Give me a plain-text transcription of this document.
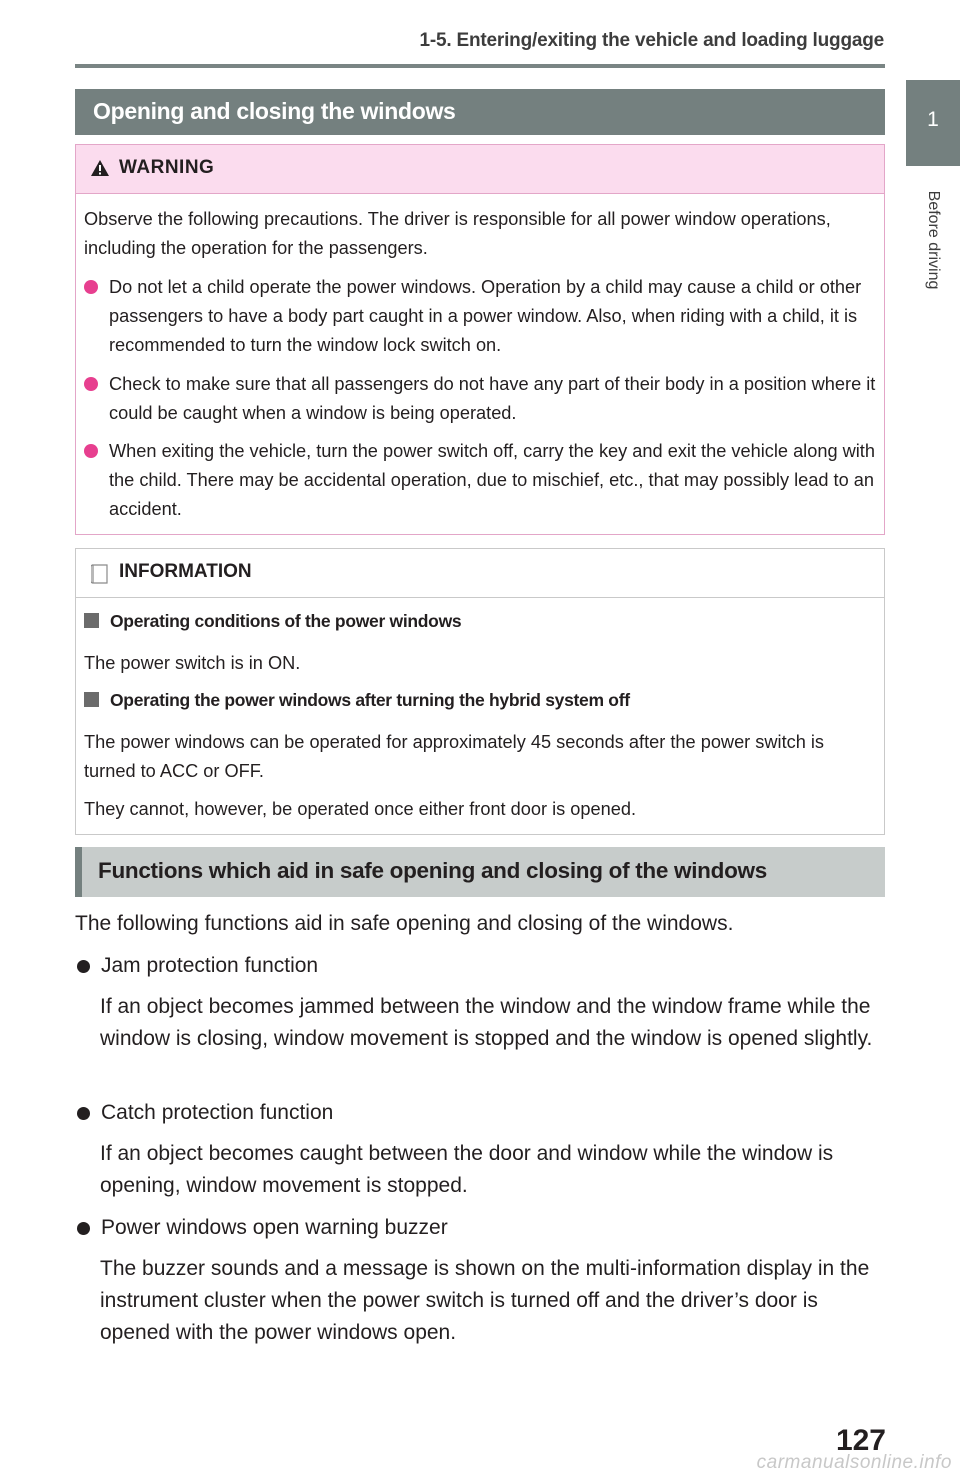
1-5. Entering/exiting the vehicle and loading luggage
1
Before driving
Opening and closing the windows
WARNING
Observe the following precautions. The driver is responsible for all power window operations, including the operation for the passengers.
Do not let a child operate the power windows. Operation by a child may cause a child or other passengers to have a body part caught in a power window. Also, when riding with a child, it is recommended to turn the window lock switch on.
Check to make sure that all passengers do not have any part of their body in a position where it could be caught when a window is being operated.
When exiting the vehicle, turn the power switch off, carry the key and exit the vehicle along with the child. There may be accidental operation, due to mischief, etc., that may possibly lead to an accident.
INFORMATION
Operating conditions of the power windows
The power switch is in ON.
Operating the power windows after turning the hybrid system off
The power windows can be operated for approximately 45 seconds after the power switch is turned to ACC or OFF.
They cannot, however, be operated once either front door is opened.
Functions which aid in safe opening and closing of the windows
The following functions aid in safe opening and closing of the windows.
Jam protection function
If an object becomes jammed between the window and the window frame while the window is closing, window movement is stopped and the window is opened slightly.
Catch protection function
If an object becomes caught between the door and window while the window is opening, window movement is stopped.
Power windows open warning buzzer
The buzzer sounds and a message is shown on the multi-information display in the instrument cluster when the power switch is turned off and the driver’s door is opened with the power windows open.
127
carmanualsonline.info
